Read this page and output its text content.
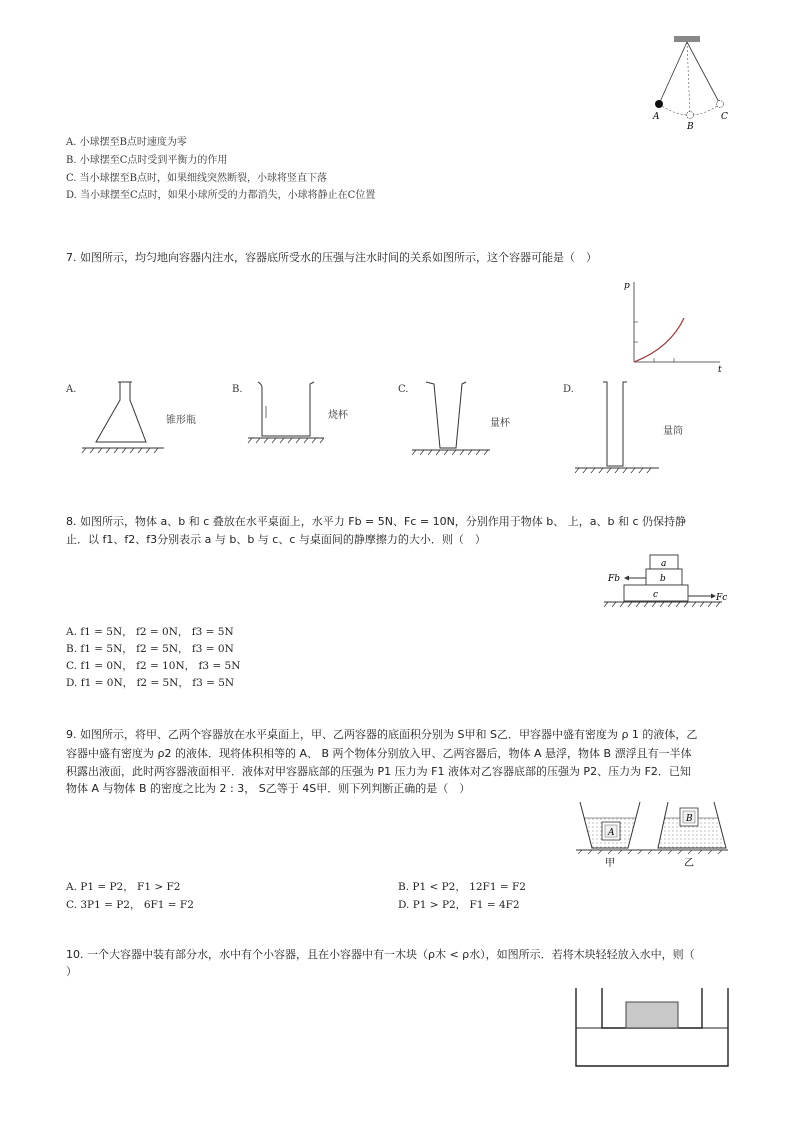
A
B
C
A. 小球摆至B点时速度为零
B. 小球摆至C点时受到平衡力的作用
C. 当小球摆至B点时，如果细线突然断裂，小球将竖直下落
D. 当小球摆至C点时，如果小球所受的力都消失，小球将静止在C位置
7. 如图所示，均匀地向容器内注水，容器底所受水的压强与注水时间的关系如图所示，这个容器可能是（　）
p
t
A.
锥形瓶
B.
烧杯
C.
量杯
D.
量筒
8. 如图所示，物体 a、b 和 c 叠放在水平桌面上，水平力 Fb = 5N、Fc = 10N，分别作用于物体 b、 上，a、b 和 c 仍保持静
止．以 f1、f2、f3分别表示 a 与 b、b 与 c、c 与桌面间的静摩擦力的大小．则（　）
a
b
c
Fb
Fc
A. f1 = 5N， f2 = 0N， f3 = 5N
B. f1 = 5N， f2 = 5N， f3 = 0N
C. f1 = 0N， f2 = 10N， f3 = 5N
D. f1 = 0N， f2 = 5N， f3 = 5N
9. 如图所示，将甲、乙两个容器放在水平桌面上，甲、乙两容器的底面积分别为 S甲和 S乙．甲容器中盛有密度为 ρ 1 的液体，乙
容器中盛有密度为 ρ2 的液体．现将体积相等的 A、 B 两个物体分别放入甲、乙两容器后，物体 A 悬浮，物体 B 漂浮且有一半体
积露出液面，此时两容器液面相平．液体对甲容器底部的压强为 P1 压力为 F1 液体对乙容器底部的压强为 P2、压力为 F2．已知
物体 A 与物体 B 的密度之比为 2 : 3， S乙等于 4S甲．则下列判断正确的是（　）
A
B
甲	乙
A. P1 = P2， F1 > F2	B. P1 < P2， 12F1 = F2
C. 3P1 = P2， 6F1 = F2	D. P1 > P2， F1 = 4F2
10. 一个大容器中装有部分水，水中有个小容器，且在小容器中有一木块（ρ木 < ρ水），如图所示．若将木块轻轻放入水中，则（
）
